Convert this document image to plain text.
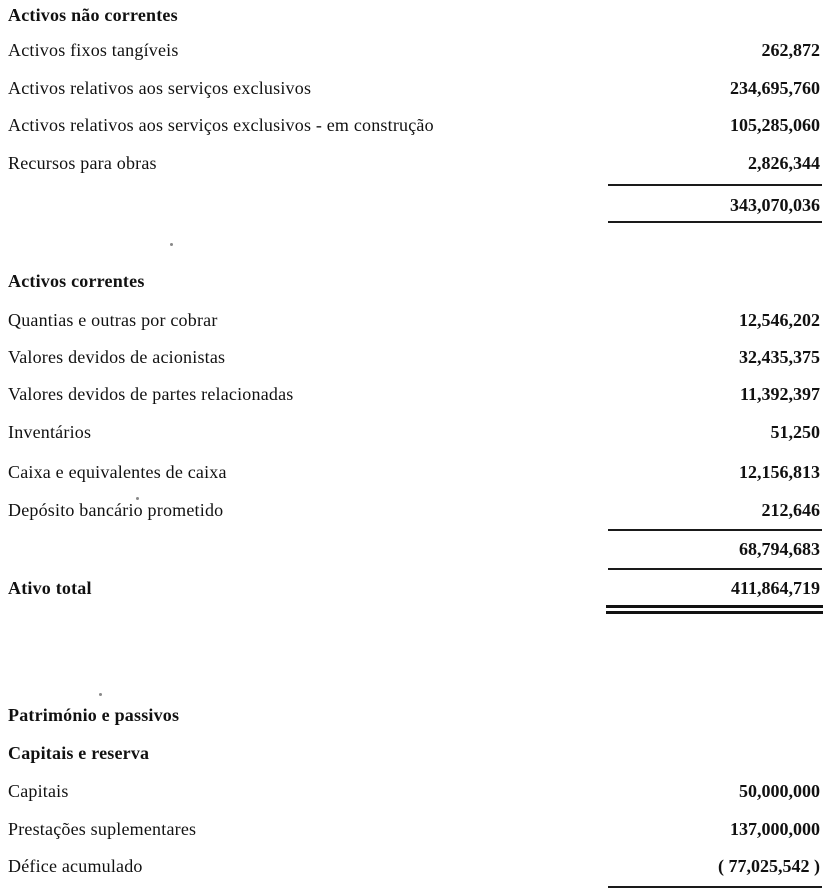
Activos não correntes
Activos fixos tangíveis	262,872
Activos relativos aos serviços exclusivos	234,695,760
Activos relativos aos serviços exclusivos - em construção	105,285,060
Recursos para obras	2,826,344
343,070,036
Activos correntes
Quantias e outras por cobrar	12,546,202
Valores devidos de acionistas	32,435,375
Valores devidos de partes relacionadas	11,392,397
Inventários	51,250
Caixa e equivalentes de caixa	12,156,813
Depósito bancário prometido	212,646
68,794,683
Ativo total	411,864,719
Património e passivos
Capitais e reserva
Capitais	50,000,000
Prestações suplementares	137,000,000
Défice acumulado	( 77,025,542 )
